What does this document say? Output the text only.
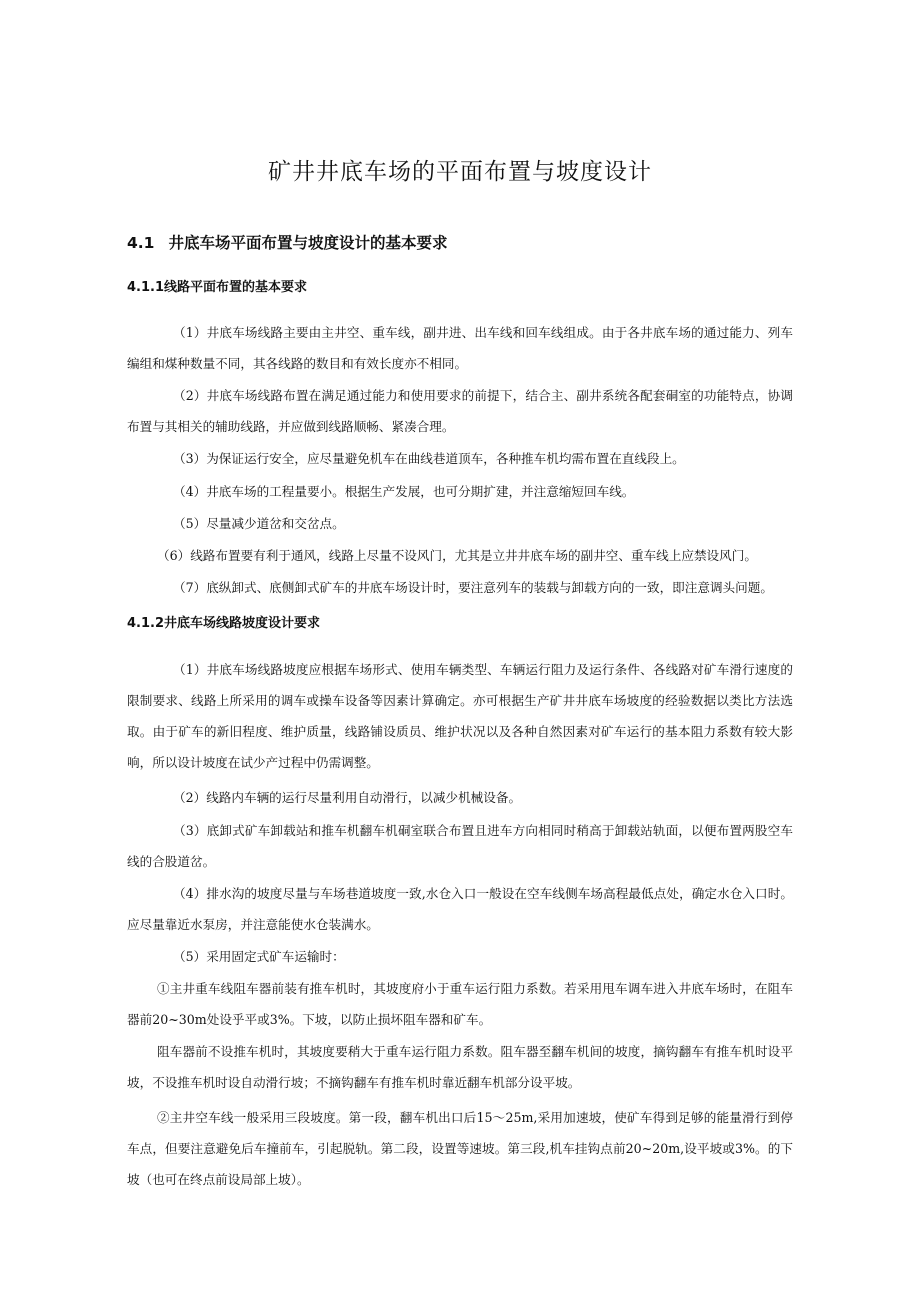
矿井井底车场的平面布置与坡度设计
4.1 井底车场平面布置与坡度设计的基本要求
4.1.1线路平面布置的基本要求

（1）井底车场线路主要由主井空、重车线，副井进、出车线和回车线组成。由于各井底车场的通过能力、列车编组和煤种数量不同，其各线路的数目和有效长度亦不相同。

（2）井底车场线路布置在满足通过能力和使用要求的前提下，结合主、副井系统各配套硐室的功能特点，协调布置与其相关的辅助线路，并应做到线路顺畅、紧凑合理。

（3）为保证运行安全，应尽量避免机车在曲线巷道顶车，各种推车机均需布置在直线段上。

（4）井底车场的工程量要小。根据生产发展，也可分期扩建，并注意缩短回车线。

（5）尽量减少道岔和交岔点。

（6）线路布置要有利于通风，线路上尽量不设风门，尤其是立井井底车场的副井空、重车线上应禁设风门。

（7）底纵卸式、底侧卸式矿车的井底车场设计时，要注意列车的装载与卸载方向的一致，即注意调头问题。

4.1.2井底车场线路坡度设计要求

（1）井底车场线路坡度应根据车场形式、使用车辆类型、车辆运行阻力及运行条件、各线路对矿车滑行速度的限制要求、线路上所采用的调车或操车设备等因素计算确定。亦可根据生产矿井井底车场坡度的经验数据以类比方法选取。由于矿车的新旧程度、维护质量，线路铺设质员、维护状况以及各种自然因素对矿车运行的基本阻力系数有较大影响，所以设计坡度在试少产过程中仍需调整。

（2）线路内车辆的运行尽量利用自动滑行，以减少机械设备。

（3）底卸式矿车卸载站和推车机翻车机硐室联合布置且进车方向相同时稍高于卸载站轨面，以便布置两股空车线的合股道岔。

（4）排水沟的坡度尽量与车场巷道坡度一致,水仓入口一般设在空车线侧车场高程最低点处，确定水仓入口时。应尽量靠近水泵房，并注意能使水仓装满水。

（5）采用固定式矿车运输时：

①主井重车线阻车器前装有推车机时，其坡度府小于重车运行阻力系数。若采用甩车调车进入井底车场时，在阻车器前20~30m处设乎平或3%。下坡，以防止损坏阻车器和矿车。

阻车器前不设推车机时，其坡度要稍大于重车运行阻力系数。阻车器至翻车机间的坡度，摘钩翻车有推车机时设平坡，不设推车机时设自动滑行坡；不摘钩翻车有推车机时靠近翻车机部分设平坡。

②主井空车线一般采用三段坡度。第一段，翻车机出口后15～25m,采用加速坡，使矿车得到足够的能量滑行到停车点，但要注意避免后车撞前车，引起脱轨。第二段，设置等速坡。第三段,机车挂钩点前20~20m,设平坡或3%。的下坡（也可在终点前设局部上坡）。
